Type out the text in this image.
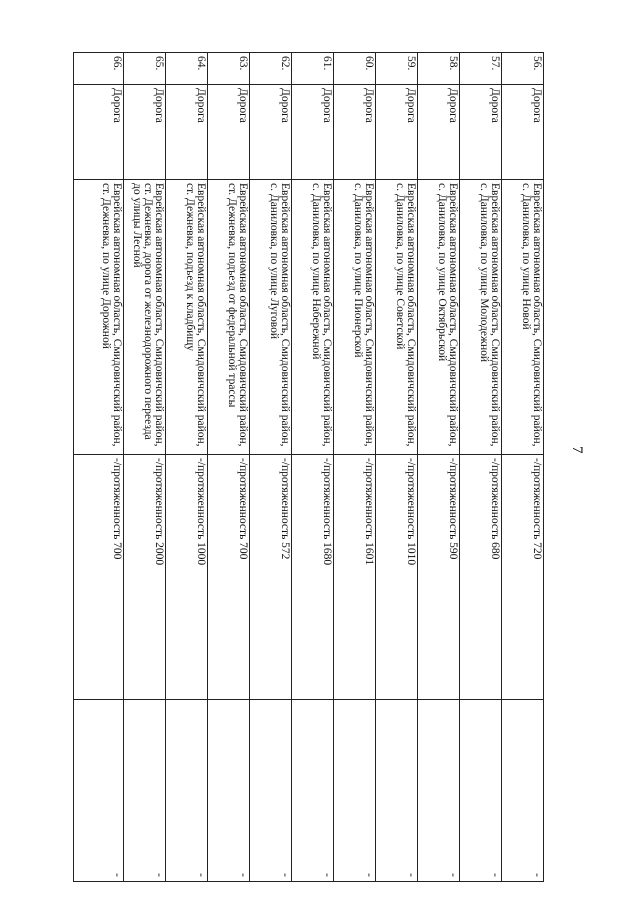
7
56.	Дорога	Еврейская автономная область, Смидовичский район, с. Даниловка, по улице Новой	-/протяженность 720	-
57.	Дорога	Еврейская автономная область, Смидовичский район, с. Даниловка, по улице Молодежной	-/протяженность 680	-
58.	Дорога	Еврейская автономная область, Смидовичский район, с. Даниловка, по улице Октябрьской	-/протяженность 590	-
59.	Дорога	Еврейская автономная область, Смидовичский район, с. Даниловка, по улице Советской	-/протяженность 1010	-
60.	Дорога	Еврейская автономная область, Смидовичский район, с. Даниловка, по улице Пионерской	-/протяженность 1601	-
61.	Дорога	Еврейская автономная область, Смидовичский район, с. Даниловка, по улице Набережной	-/протяженность 1680	-
62.	Дорога	Еврейская автономная область, Смидовичский район, с. Даниловка, по улице Луговой	-/протяженность 572	-
63.	Дорога	Еврейская автономная область, Смидовичский район, ст. Дежневка, подъезд от федеральной трассы	-/протяженность 700	-
64.	Дорога	Еврейская автономная область, Смидовичский район, ст. Дежневка, подъезд к кладбищу	-/протяженность 1000	-
65.	Дорога	Еврейская автономная область, Смидовичский район, ст. Дежневка, дорога от железнодорожного переезда до улицы Лесной	-/протяженность 2000	-
66.	Дорога	Еврейская автономная область, Смидовичский район, ст. Дежневка, по улице Дорожной	-/протяженность 700	-
